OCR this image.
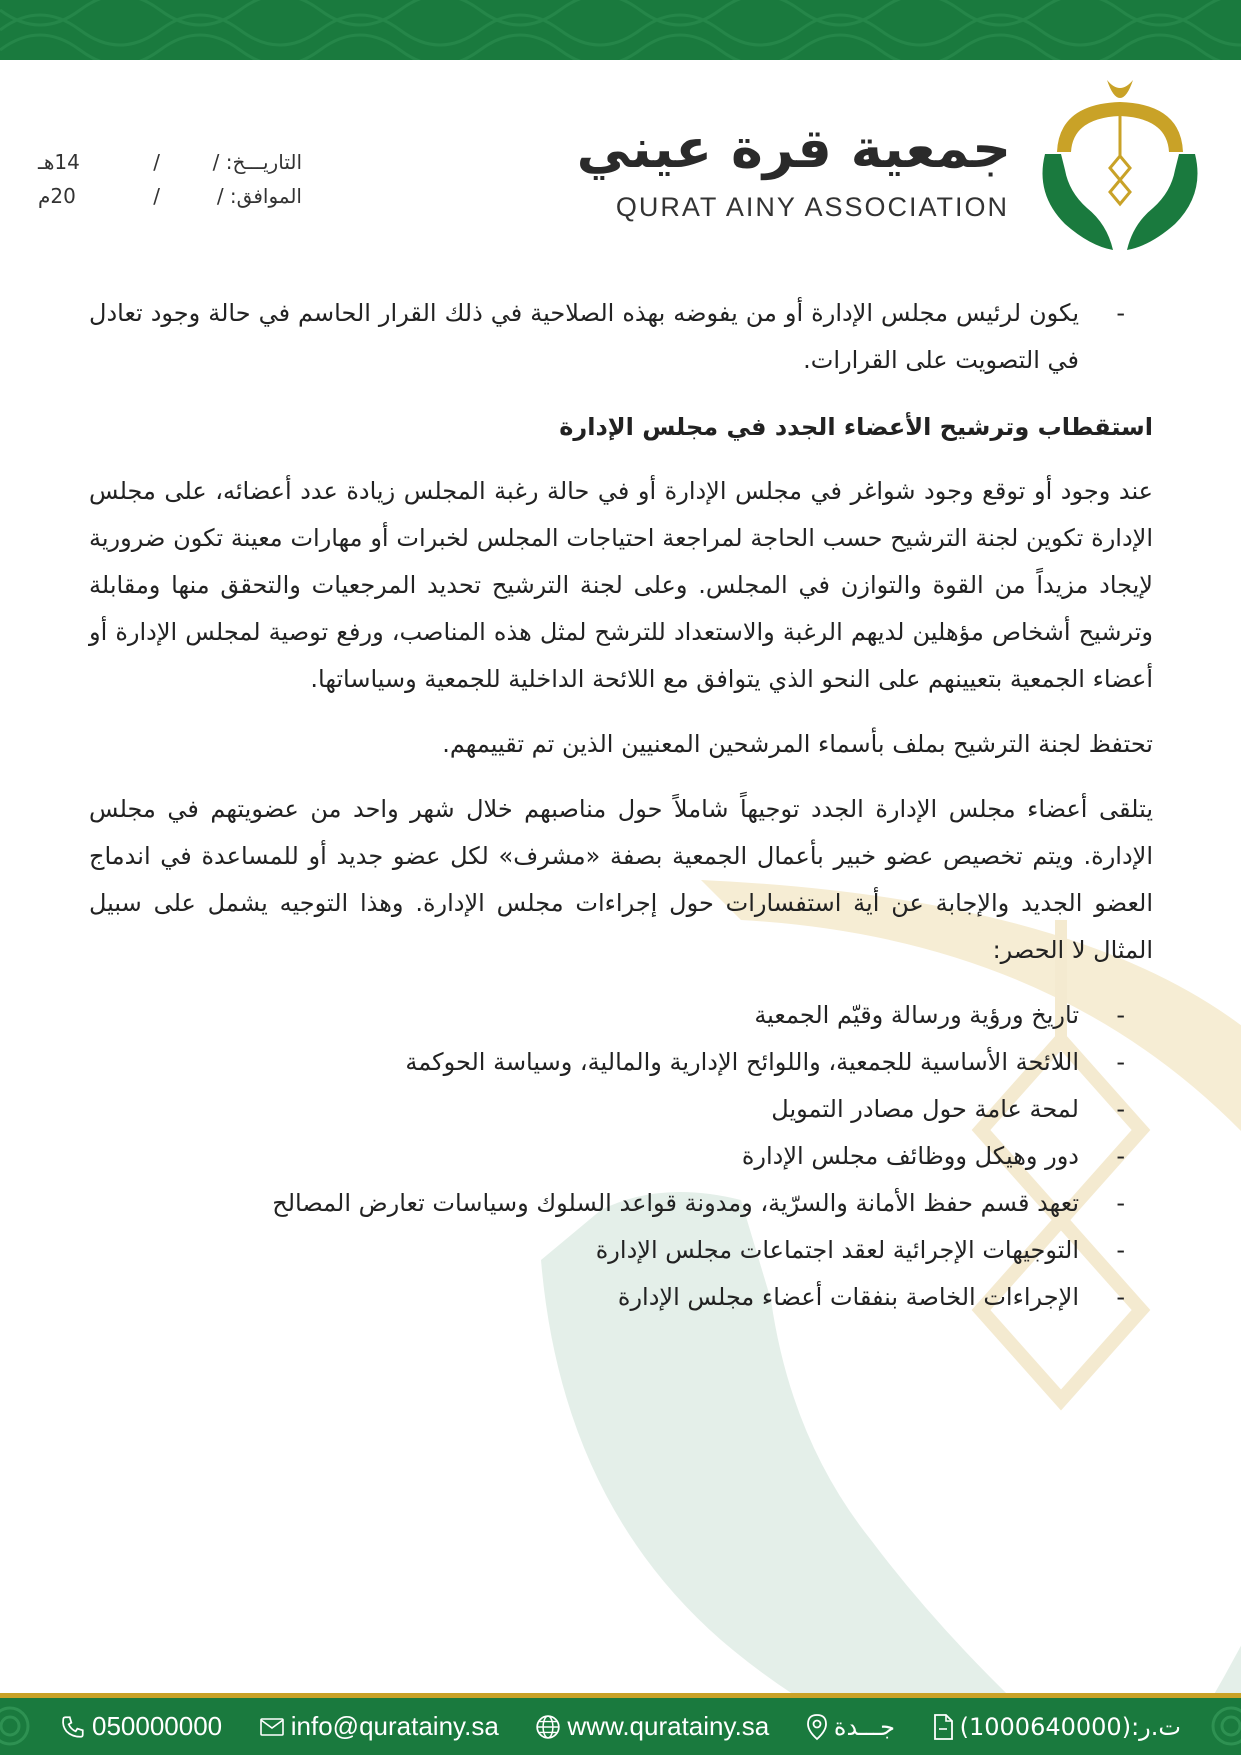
جمعية قرة عيني
QURAT AINY ASSOCIATION
التاريـــخ: /
/
14هـ
الموافق: /
/
20م

- يكون لرئيس مجلس الإدارة أو من يفوضه بهذه الصلاحية في ذلك القرار الحاسم في حالة وجود تعادل في التصويت على القرارات.

استقطاب وترشيح الأعضاء الجدد في مجلس الإدارة

عند وجود أو توقع وجود شواغر في مجلس الإدارة أو في حالة رغبة المجلس زيادة عدد أعضائه، على مجلس الإدارة تكوين لجنة الترشيح حسب الحاجة لمراجعة احتياجات المجلس لخبرات أو مهارات معينة تكون ضرورية لإيجاد مزيداً من القوة والتوازن في المجلس. وعلى لجنة الترشيح تحديد المرجعيات والتحقق منها ومقابلة وترشيح أشخاص مؤهلين لديهم الرغبة والاستعداد للترشح لمثل هذه المناصب، ورفع توصية لمجلس الإدارة أو أعضاء الجمعية بتعيينهم على النحو الذي يتوافق مع اللائحة الداخلية للجمعية وسياساتها.

تحتفظ لجنة الترشيح بملف بأسماء المرشحين المعنيين الذين تم تقييمهم.

يتلقى أعضاء مجلس الإدارة الجدد توجيهاً شاملاً حول مناصبهم خلال شهر واحد من عضويتهم في مجلس الإدارة. ويتم تخصيص عضو خبير بأعمال الجمعية بصفة «مشرف» لكل عضو جديد أو للمساعدة في اندماج العضو الجديد والإجابة عن أية استفسارات حول إجراءات مجلس الإدارة. وهذا التوجيه يشمل على سبيل المثال لا الحصر:

- تاريخ ورؤية ورسالة وقيّم الجمعية
- اللائحة الأساسية للجمعية، واللوائح الإدارية والمالية، وسياسة الحوكمة
- لمحة عامة حول مصادر التمويل
- دور وهيكل ووظائف مجلس الإدارة
- تعهد قسم حفظ الأمانة والسرّية، ومدونة قواعد السلوك وسياسات تعارض المصالح
- التوجيهات الإجرائية لعقد اجتماعات مجلس الإدارة
- الإجراءات الخاصة بنفقات أعضاء مجلس الإدارة
050000000	info@quratainy.sa	www.quratainy.sa	جـــدة	ت.ر:(1000640000)
